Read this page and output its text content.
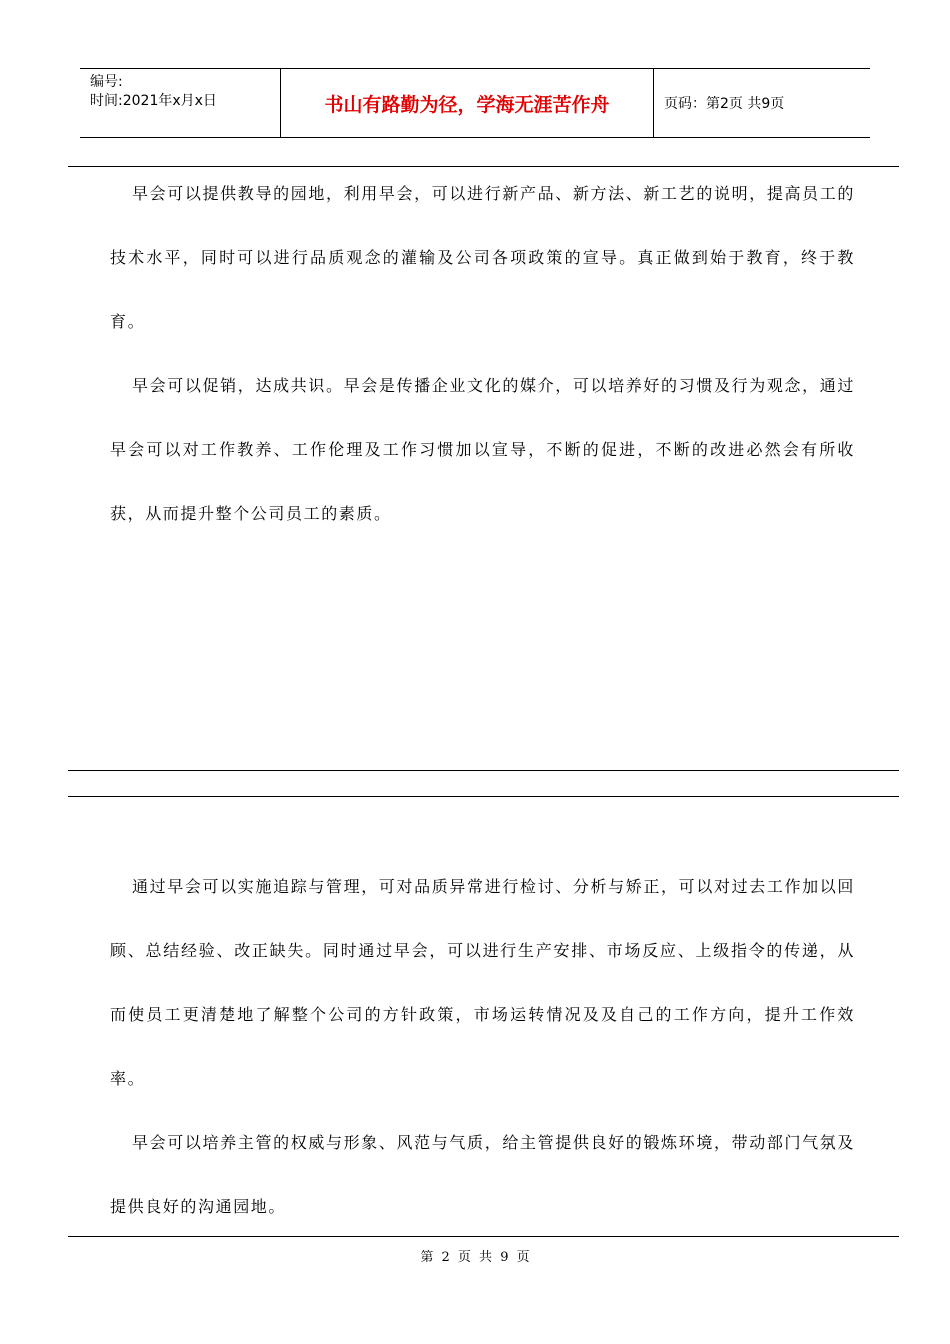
编号:
时间:2021年x月x日	书山有路勤为径，学海无涯苦作舟	页码：第2页 共9页

早会可以提供教导的园地，利用早会，可以进行新产品、新方法、新工艺的说明，提高员工的技术水平，同时可以进行品质观念的灌输及公司各项政策的宣导。真正做到始于教育，终于教育。

早会可以促销，达成共识。早会是传播企业文化的媒介，可以培养好的习惯及行为观念，通过早会可以对工作教养、工作伦理及工作习惯加以宣导，不断的促进，不断的改进必然会有所收获，从而提升整个公司员工的素质。

通过早会可以实施追踪与管理，可对品质异常进行检讨、分析与矫正，可以对过去工作加以回顾、总结经验、改正缺失。同时通过早会，可以进行生产安排、市场反应、上级指令的传递，从而使员工更清楚地了解整个公司的方针政策，市场运转情况及及自己的工作方向，提升工作效率。

早会可以培养主管的权威与形象、风范与气质，给主管提供良好的锻炼环境，带动部门气氛及提供良好的沟通园地。

第 2 页 共 9 页
